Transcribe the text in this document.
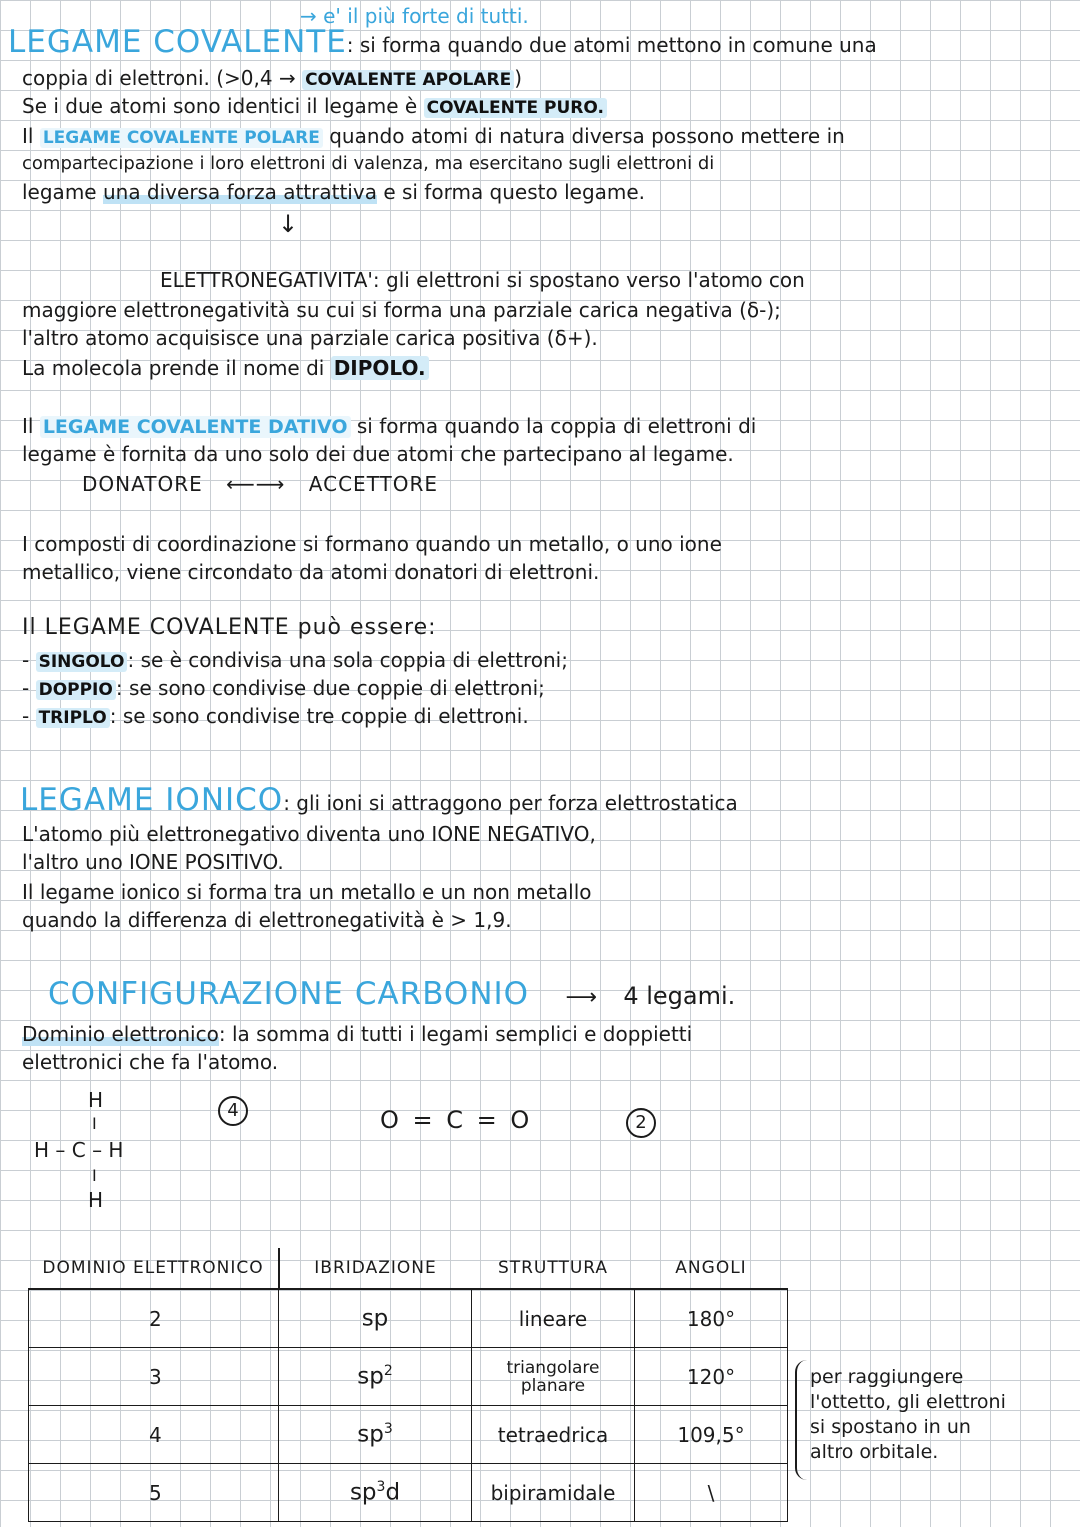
→ e' il più forte di tutti.
LEGAME COVALENTE: si forma quando due atomi mettono in comune una
coppia di elettroni. (>0,4 → COVALENTE APOLARE )
Se i due atomi sono identici il legame è COVALENTE PURO.
Il LEGAME COVALENTE POLARE quando atomi di natura diversa possono mettere in
compartecipazione i loro elettroni di valenza, ma esercitano sugli elettroni di
legame una diversa forza attrattiva e si forma questo legame.
↓
ELETTRONEGATIVITA': gli elettroni si spostano verso l'atomo con
maggiore elettronegatività su cui si forma una parziale carica negativa (δ-);
l'altro atomo acquisisce una parziale carica positiva (δ+).
La molecola prende il nome di DIPOLO.
Il LEGAME COVALENTE DATIVO si forma quando la coppia di elettroni di
legame è fornita da uno solo dei due atomi che partecipano al legame.
DONATORE ⟵⟶ ACCETTORE
I composti di coordinazione si formano quando un metallo, o uno ione
metallico, viene circondato da atomi donatori di elettroni.
Il LEGAME COVALENTE può essere:
- SINGOLO : se è condivisa una sola coppia di elettroni;
- DOPPIO : se sono condivise due coppie di elettroni;
- TRIPLO : se sono condivise tre coppie di elettroni.
LEGAME IONICO: gli ioni si attraggono per forza elettrostatica
L'atomo più elettronegativo diventa uno IONE NEGATIVO,
l'altro uno IONE POSITIVO.
Il legame ionico si forma tra un metallo e un non metallo
quando la differenza di elettronegatività è > 1,9.
CONFIGURAZIONE CARBONIO ⟶ 4 legami.
Dominio elettronico: la somma di tutti i legami semplici e doppietti
elettronici che fa l'atomo.
H
I
H – C – H
I
H
4	O = C = O	2
DOMINIO ELETTRONICO	IBRIDAZIONE	STRUTTURA	ANGOLI
2	sp	lineare	180°
3	$sp^2$	triangolare planare	120°
4	$sp^3$	tetraedrica	109,5°
5	$sp^3d$	bipiramidale	\
per raggiungere
l'ottetto, gli elettroni
si spostano in un
altro orbitale.
